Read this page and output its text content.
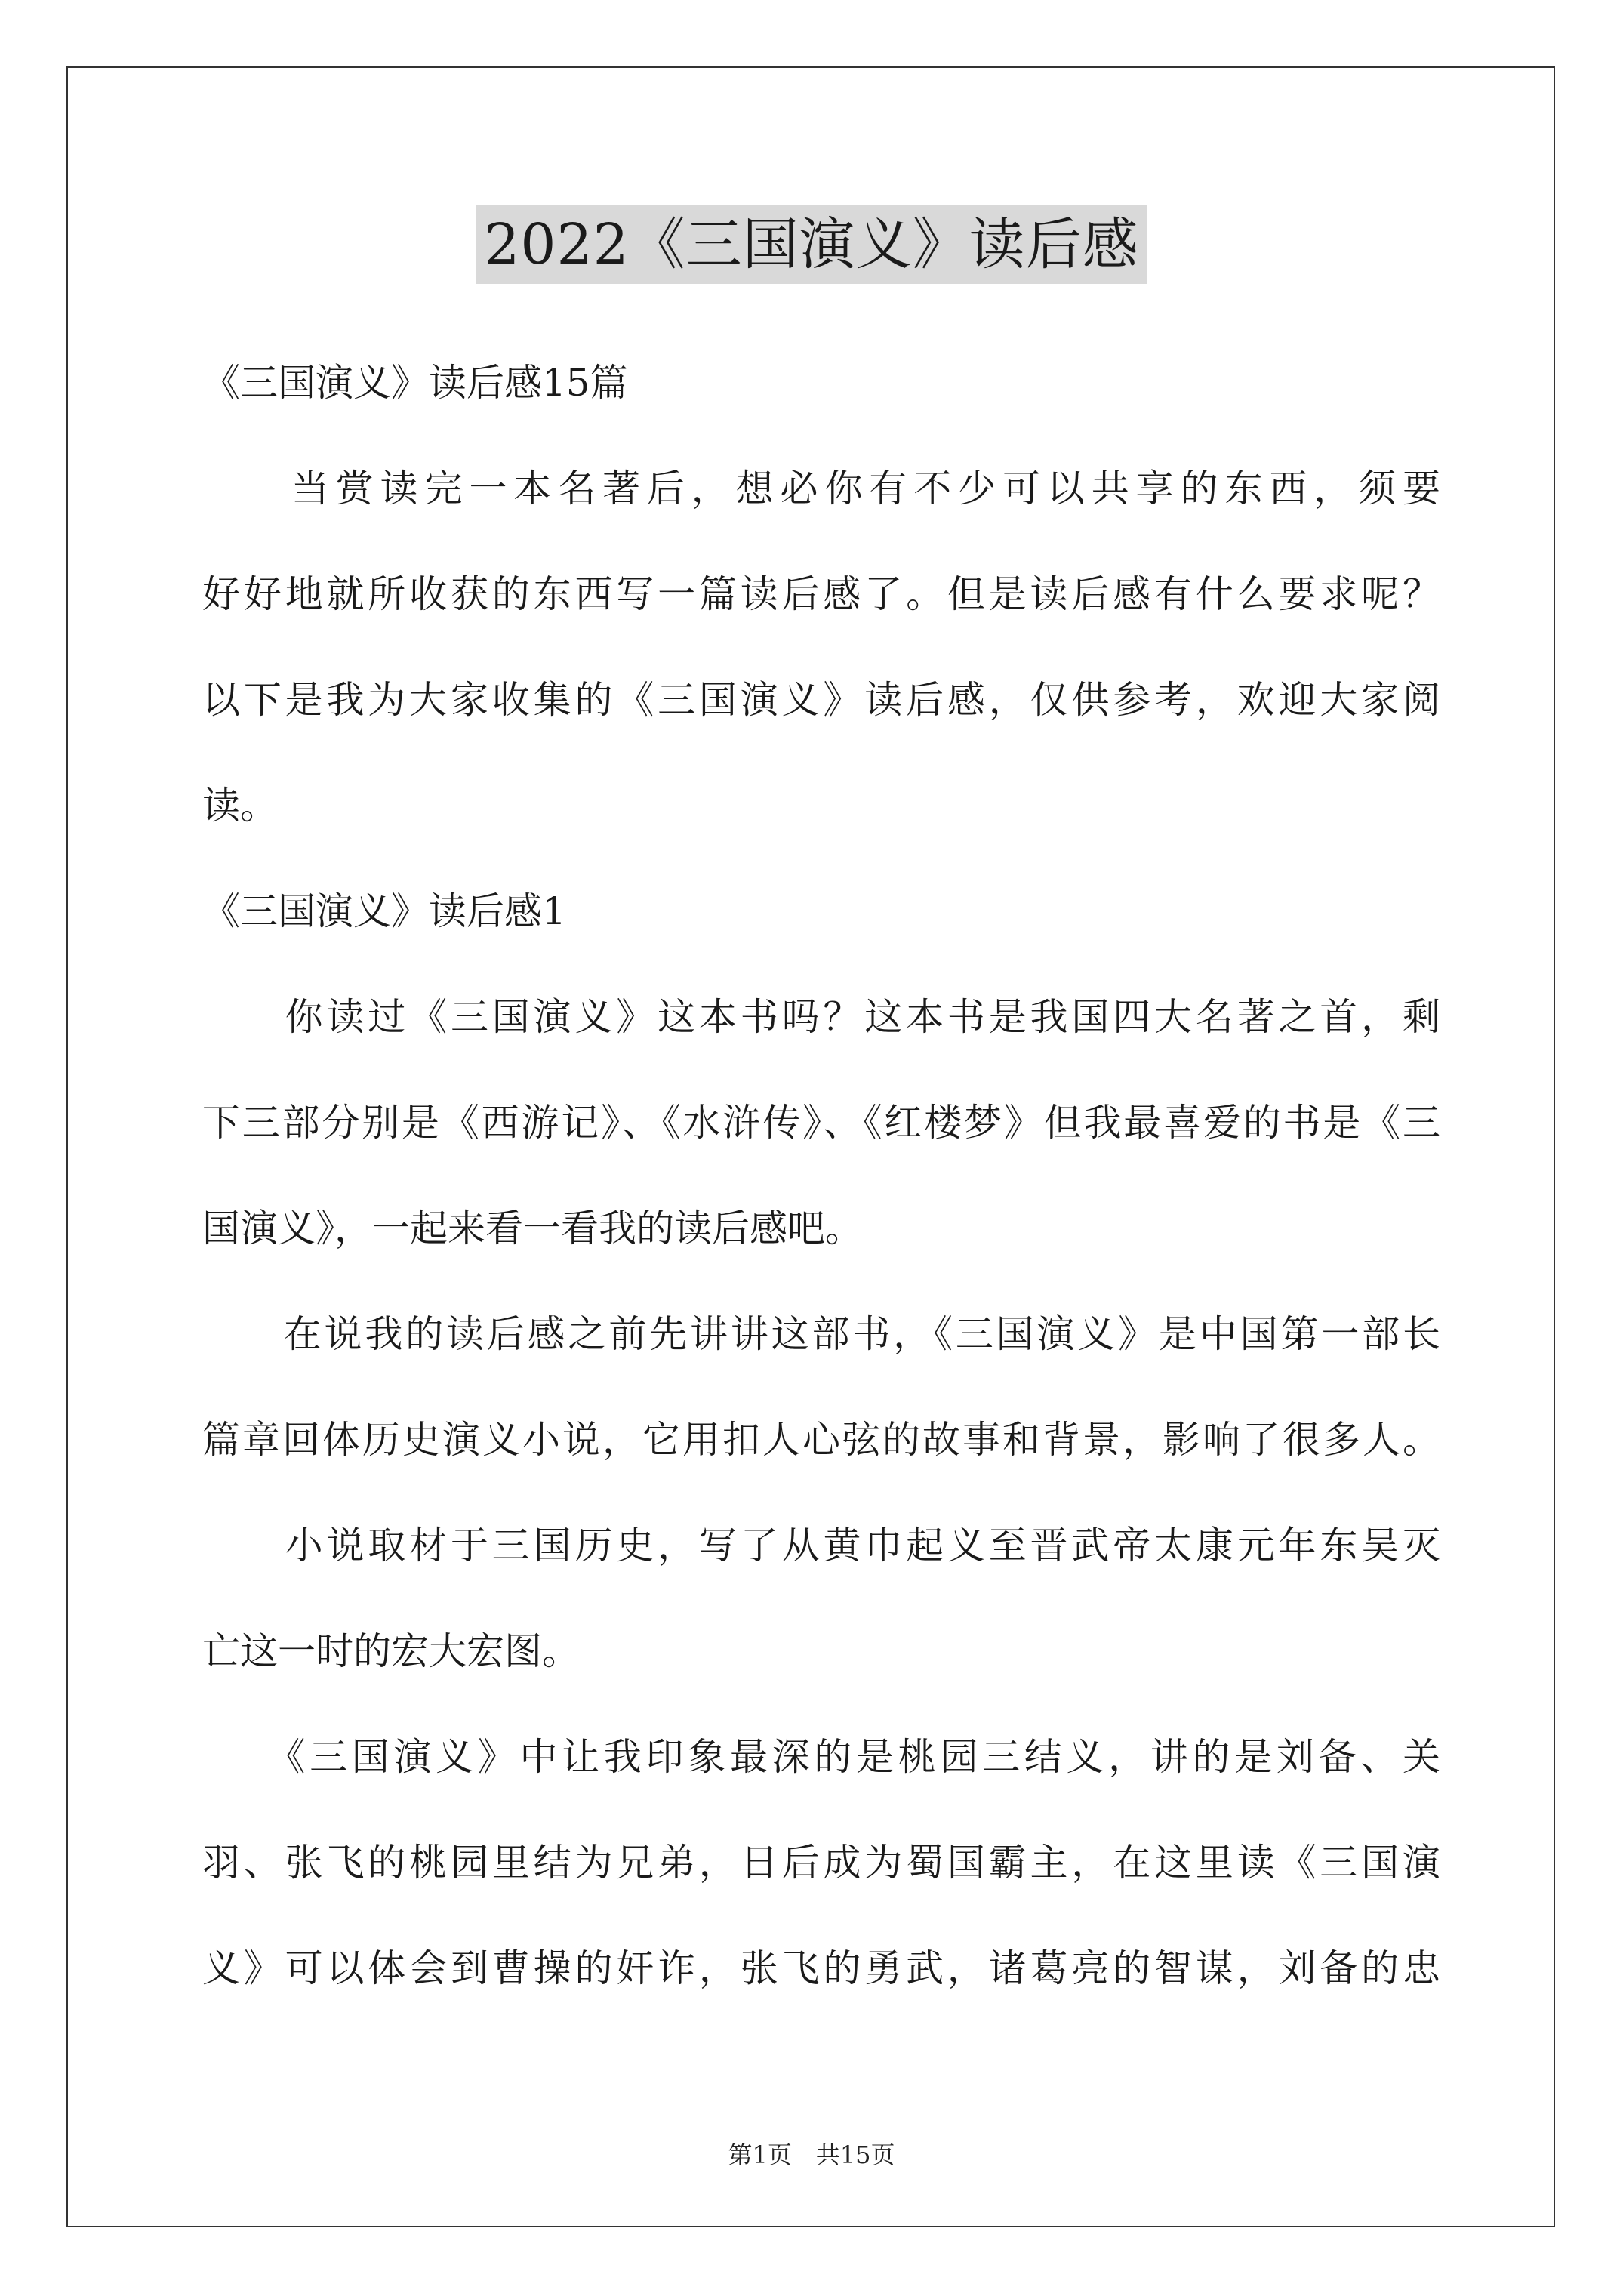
2022《三国演义》读后感
《三国演义》读后感15篇
　　当赏读完一本名著后，想必你有不少可以共享的东西，须要
好好地就所收获的东西写一篇读后感了。但是读后感有什么要求呢？
以下是我为大家收集的《三国演义》读后感，仅供参考，欢迎大家阅
读。
《三国演义》读后感1
　　你读过《三国演义》这本书吗？这本书是我国四大名著之首，剩
下三部分别是《西游记》、《水浒传》、《红楼梦》但我最喜爱的书是《三
国演义》，一起来看一看我的读后感吧。
　　在说我的读后感之前先讲讲这部书，《三国演义》是中国第一部长
篇章回体历史演义小说，它用扣人心弦的故事和背景，影响了很多人。
　　小说取材于三国历史，写了从黄巾起义至晋武帝太康元年东吴灭
亡这一时的宏大宏图。
　　《三国演义》中让我印象最深的是桃园三结义，讲的是刘备、关
羽、张飞的桃园里结为兄弟，日后成为蜀国霸主，在这里读《三国演
义》可以体会到曹操的奸诈，张飞的勇武，诸葛亮的智谋，刘备的忠
第1页　共15页
